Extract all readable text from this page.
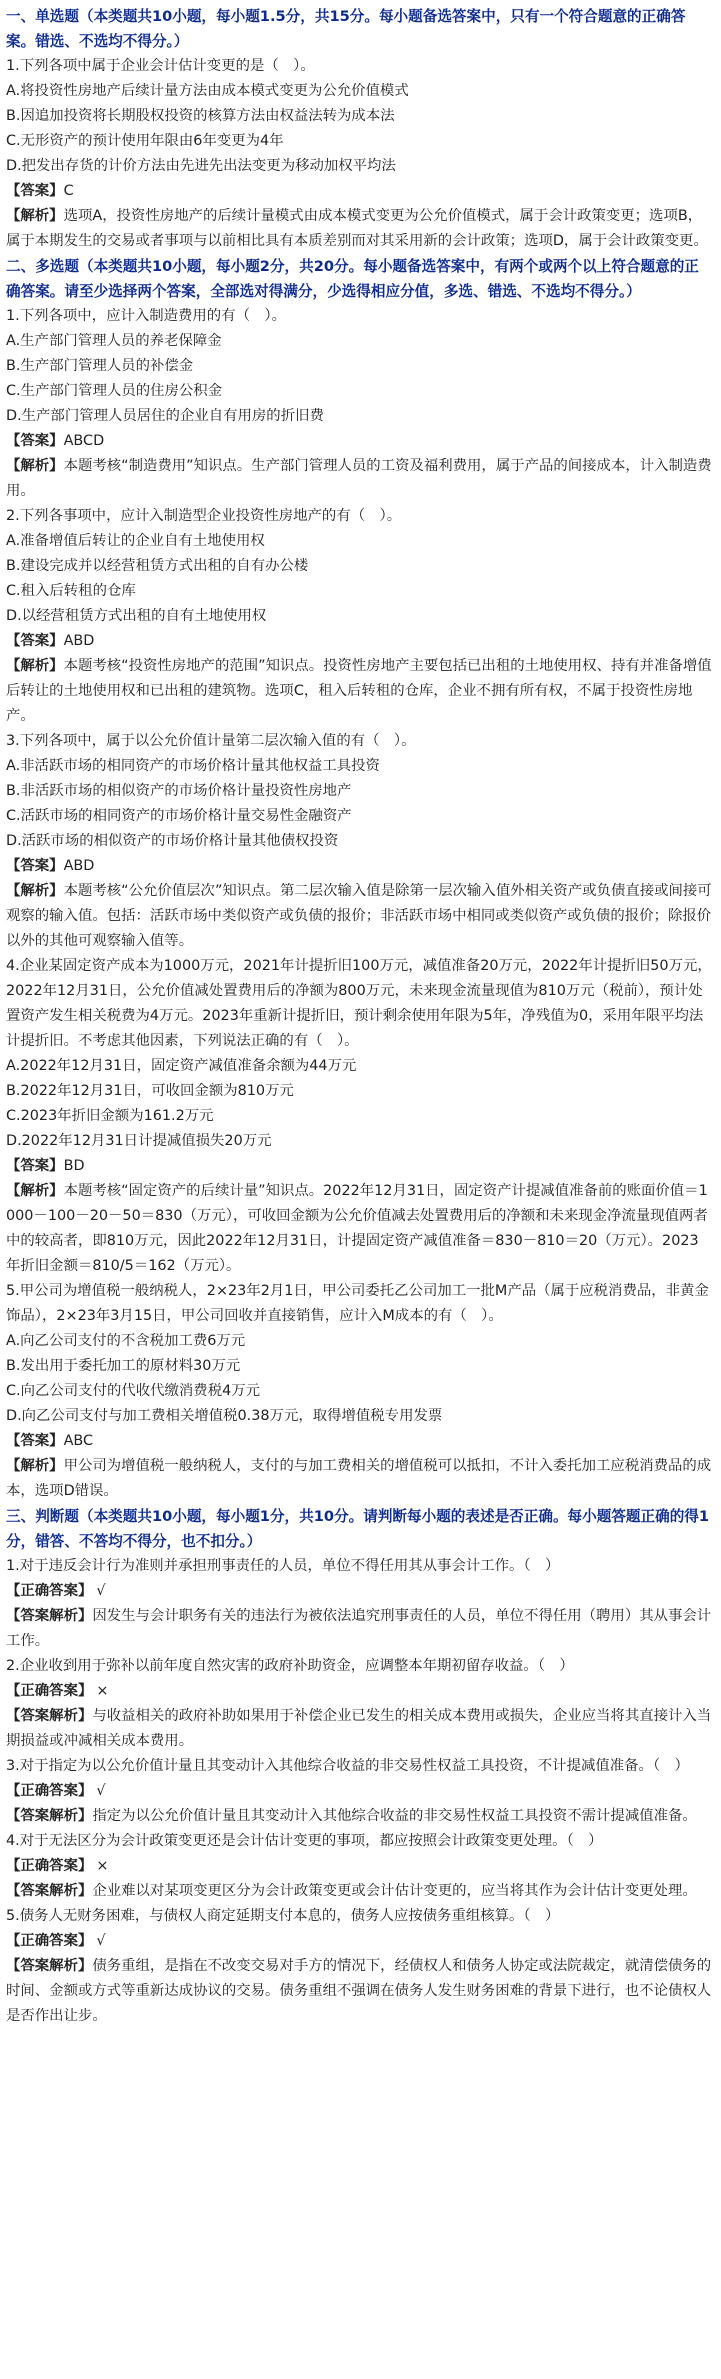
一、单选题（本类题共10小题，每小题1.5分，共15分。每小题备选答案中，只有一个符合题意的正确答案。错选、不选均不得分。）
1.下列各项中属于企业会计估计变更的是（　）。
A.将投资性房地产后续计量方法由成本模式变更为公允价值模式
B.因追加投资将长期股权投资的核算方法由权益法转为成本法
C.无形资产的预计使用年限由6年变更为4年
D.把发出存货的计价方法由先进先出法变更为移动加权平均法
【答案】C
【解析】选项A，投资性房地产的后续计量模式由成本模式变更为公允价值模式，属于会计政策变更；选项B，属于本期发生的交易或者事项与以前相比具有本质差别而对其采用新的会计政策；选项D，属于会计政策变更。
二、多选题（本类题共10小题，每小题2分，共20分。每小题备选答案中，有两个或两个以上符合题意的正确答案。请至少选择两个答案，全部选对得满分，少选得相应分值，多选、错选、不选均不得分。）
1.下列各项中，应计入制造费用的有（　）。
A.生产部门管理人员的养老保障金
B.生产部门管理人员的补偿金
C.生产部门管理人员的住房公积金
D.生产部门管理人员居住的企业自有用房的折旧费
【答案】ABCD
【解析】本题考核“制造费用”知识点。生产部门管理人员的工资及福利费用，属于产品的间接成本，计入制造费用。
2.下列各事项中，应计入制造型企业投资性房地产的有（　）。
A.准备增值后转让的企业自有土地使用权
B.建设完成并以经营租赁方式出租的自有办公楼
C.租入后转租的仓库
D.以经营租赁方式出租的自有土地使用权
【答案】ABD
【解析】本题考核“投资性房地产的范围”知识点。投资性房地产主要包括已出租的土地使用权、持有并准备增值后转让的土地使用权和已出租的建筑物。选项C，租入后转租的仓库，企业不拥有所有权，不属于投资性房地产。
3.下列各项中，属于以公允价值计量第二层次输入值的有（　）。
A.非活跃市场的相同资产的市场价格计量其他权益工具投资
B.非活跃市场的相似资产的市场价格计量投资性房地产
C.活跃市场的相同资产的市场价格计量交易性金融资产
D.活跃市场的相似资产的市场价格计量其他债权投资
【答案】ABD
【解析】本题考核“公允价值层次”知识点。第二层次输入值是除第一层次输入值外相关资产或负债直接或间接可观察的输入值。包括：活跃市场中类似资产或负债的报价；非活跃市场中相同或类似资产或负债的报价；除报价以外的其他可观察输入值等。
4.企业某固定资产成本为1000万元，2021年计提折旧100万元，减值准备20万元，2022年计提折旧50万元，2022年12月31日，公允价值减处置费用后的净额为800万元，未来现金流量现值为810万元（税前），预计处置资产发生相关税费为4万元。2023年重新计提折旧，预计剩余使用年限为5年，净残值为0，采用年限平均法计提折旧。不考虑其他因素，下列说法正确的有（　）。
A.2022年12月31日，固定资产减值准备余额为44万元
B.2022年12月31日，可收回金额为810万元
C.2023年折旧金额为161.2万元
D.2022年12月31日计提减值损失20万元
【答案】BD
【解析】本题考核“固定资产的后续计量”知识点。2022年12月31日，固定资产计提减值准备前的账面价值＝1000－100－20－50＝830（万元），可收回金额为公允价值减去处置费用后的净额和未来现金净流量现值两者中的较高者，即810万元，因此2022年12月31日，计提固定资产减值准备＝830－810＝20（万元）。2023年折旧金额＝810/5＝162（万元）。
5.甲公司为增值税一般纳税人，2×23年2月1日，甲公司委托乙公司加工一批M产品（属于应税消费品，非黄金饰品），2×23年3月15日，甲公司回收并直接销售，应计入M成本的有（　）。
A.向乙公司支付的不含税加工费6万元
B.发出用于委托加工的原材料30万元
C.向乙公司支付的代收代缴消费税4万元
D.向乙公司支付与加工费相关增值税0.38万元，取得增值税专用发票
【答案】ABC
【解析】甲公司为增值税一般纳税人，支付的与加工费相关的增值税可以抵扣，不计入委托加工应税消费品的成本，选项D错误。
三、判断题（本类题共10小题，每小题1分，共10分。请判断每小题的表述是否正确。每小题答题正确的得1分，错答、不答均不得分，也不扣分。）
1.对于违反会计行为准则并承担刑事责任的人员，单位不得任用其从事会计工作。（　）
【正确答案】 √
【答案解析】因发生与会计职务有关的违法行为被依法追究刑事责任的人员，单位不得任用（聘用）其从事会计工作。
2.企业收到用于弥补以前年度自然灾害的政府补助资金，应调整本年期初留存收益。（　）
【正确答案】 ×
【答案解析】与收益相关的政府补助如果用于补偿企业已发生的相关成本费用或损失，企业应当将其直接计入当期损益或冲减相关成本费用。
3.对于指定为以公允价值计量且其变动计入其他综合收益的非交易性权益工具投资，不计提减值准备。（　）
【正确答案】 √
【答案解析】指定为以公允价值计量且其变动计入其他综合收益的非交易性权益工具投资不需计提减值准备。
4.对于无法区分为会计政策变更还是会计估计变更的事项，都应按照会计政策变更处理。（　）
【正确答案】 ×
【答案解析】企业难以对某项变更区分为会计政策变更或会计估计变更的，应当将其作为会计估计变更处理。
5.债务人无财务困难，与债权人商定延期支付本息的，债务人应按债务重组核算。（　）
【正确答案】 √
【答案解析】债务重组，是指在不改变交易对手方的情况下，经债权人和债务人协定或法院裁定，就清偿债务的时间、金额或方式等重新达成协议的交易。债务重组不强调在债务人发生财务困难的背景下进行，也不论债权人是否作出让步。
